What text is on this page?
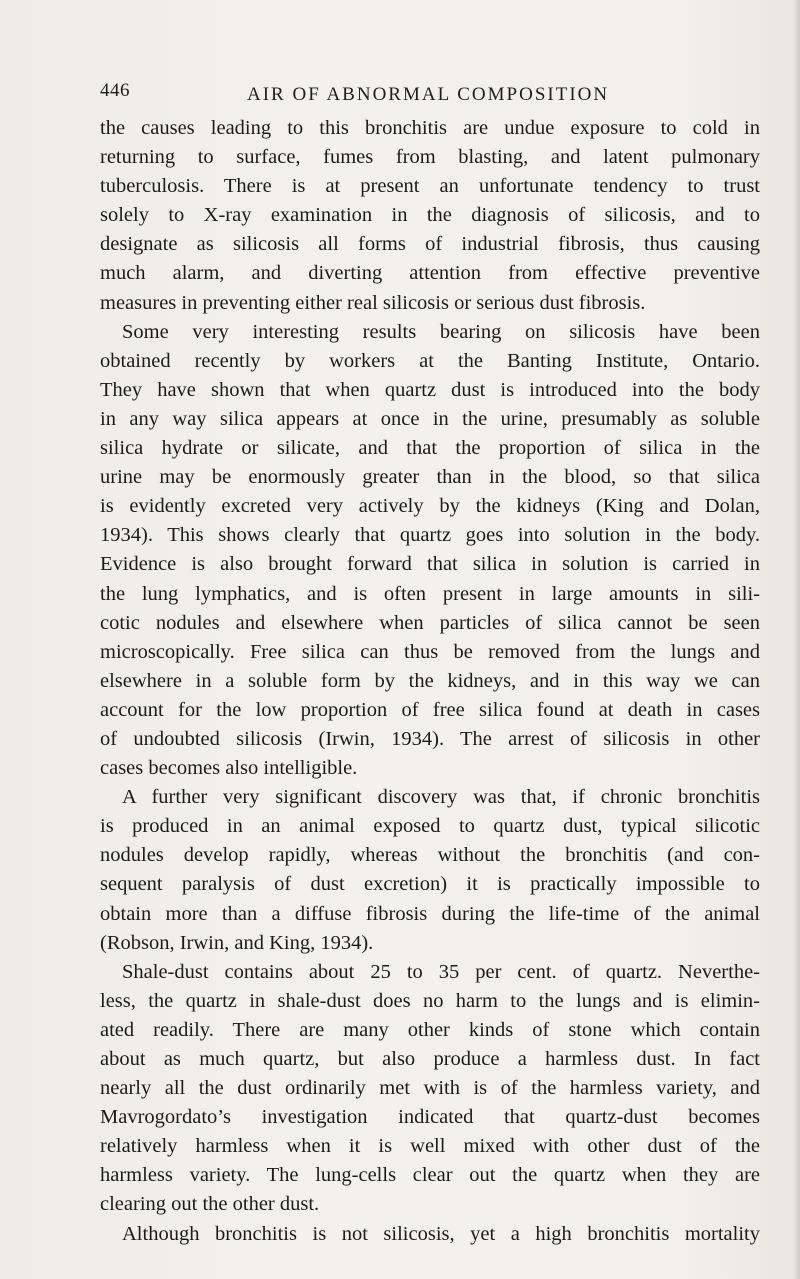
446	AIR OF ABNORMAL COMPOSITION
the causes leading to this bronchitis are undue exposure to cold in
returning to surface, fumes from blasting, and latent pulmonary
tuberculosis. There is at present an unfortunate tendency to trust
solely to X-ray examination in the diagnosis of silicosis, and to
designate as silicosis all forms of industrial fibrosis, thus causing
much alarm, and diverting attention from effective preventive
measures in preventing either real silicosis or serious dust fibrosis.
Some very interesting results bearing on silicosis have been
obtained recently by workers at the Banting Institute, Ontario.
They have shown that when quartz dust is introduced into the body
in any way silica appears at once in the urine, presumably as soluble
silica hydrate or silicate, and that the proportion of silica in the
urine may be enormously greater than in the blood, so that silica
is evidently excreted very actively by the kidneys (King and Dolan,
1934). This shows clearly that quartz goes into solution in the body.
Evidence is also brought forward that silica in solution is carried in
the lung lymphatics, and is often present in large amounts in sili-
cotic nodules and elsewhere when particles of silica cannot be seen
microscopically. Free silica can thus be removed from the lungs and
elsewhere in a soluble form by the kidneys, and in this way we can
account for the low proportion of free silica found at death in cases
of undoubted silicosis (Irwin, 1934). The arrest of silicosis in other
cases becomes also intelligible.
A further very significant discovery was that, if chronic bronchitis
is produced in an animal exposed to quartz dust, typical silicotic
nodules develop rapidly, whereas without the bronchitis (and con-
sequent paralysis of dust excretion) it is practically impossible to
obtain more than a diffuse fibrosis during the life-time of the animal
(Robson, Irwin, and King, 1934).
Shale-dust contains about 25 to 35 per cent. of quartz. Neverthe-
less, the quartz in shale-dust does no harm to the lungs and is elimin-
ated readily. There are many other kinds of stone which contain
about as much quartz, but also produce a harmless dust. In fact
nearly all the dust ordinarily met with is of the harmless variety, and
Mavrogordato’s investigation indicated that quartz-dust becomes
relatively harmless when it is well mixed with other dust of the
harmless variety. The lung-cells clear out the quartz when they are
clearing out the other dust.
Although bronchitis is not silicosis, yet a high bronchitis mortality
